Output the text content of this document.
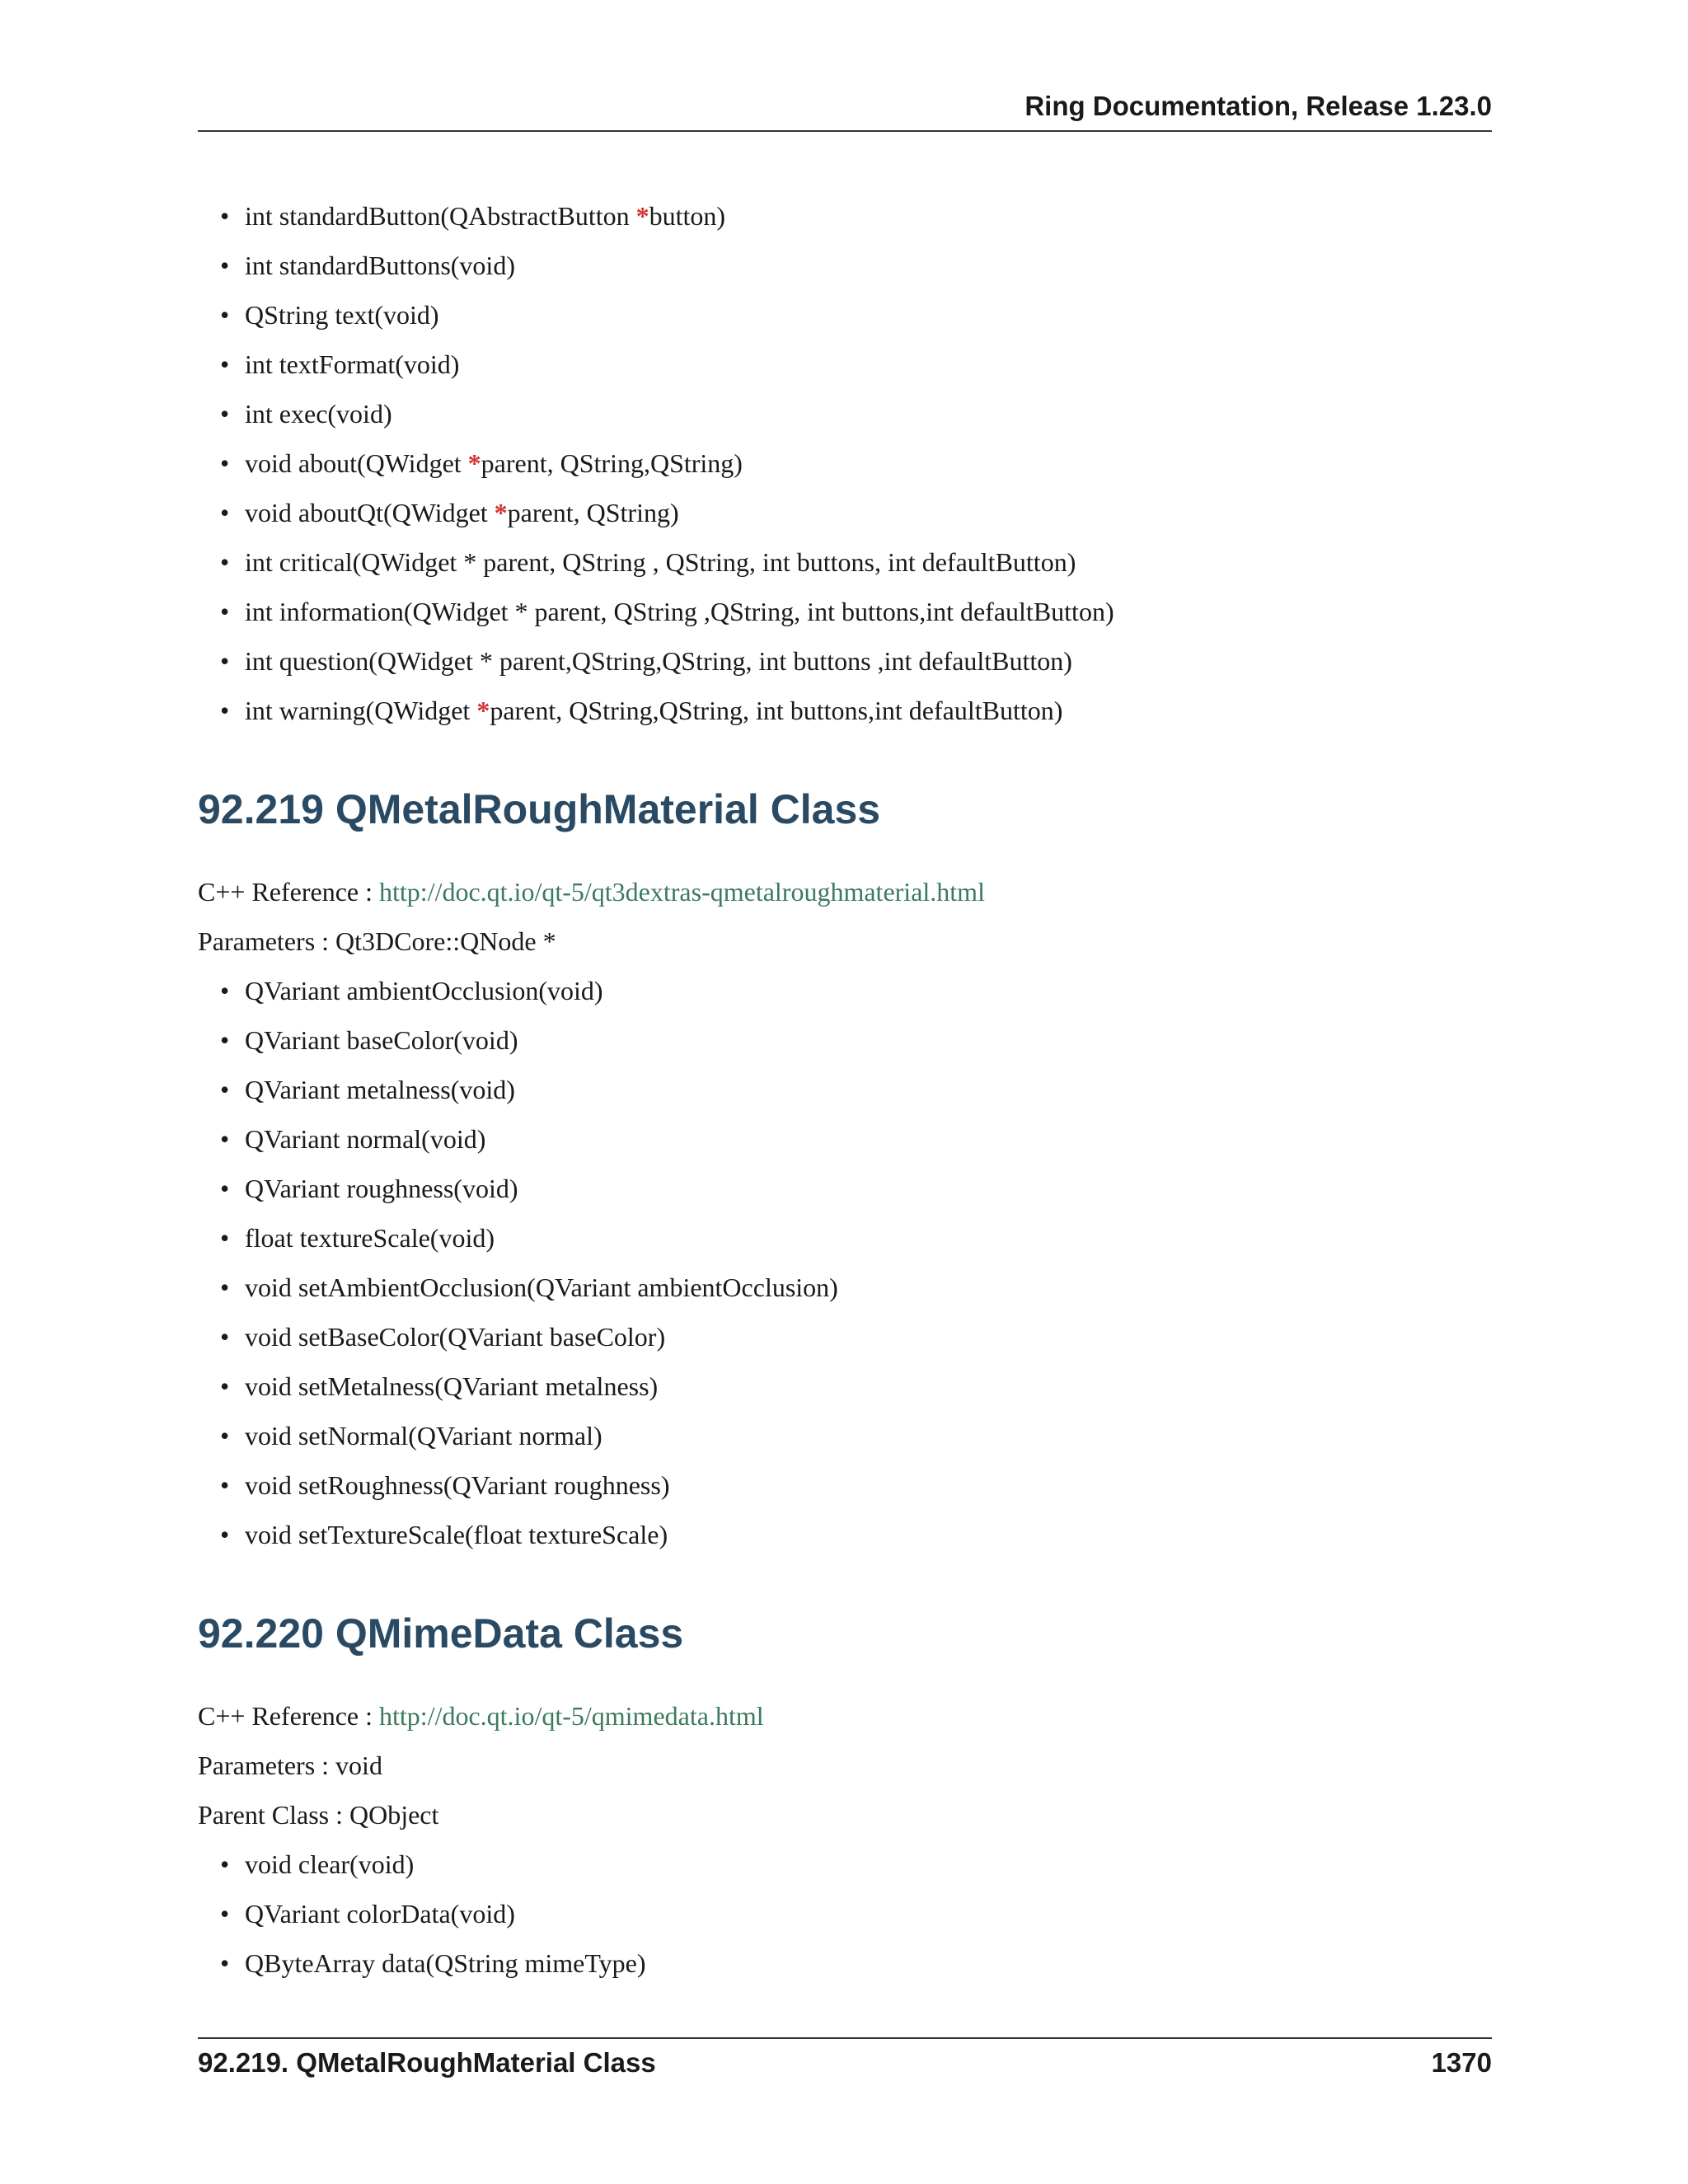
Ring Documentation, Release 1.23.0
• int standardButton(QAbstractButton *button)
• int standardButtons(void)
• QString text(void)
• int textFormat(void)
• int exec(void)
• void about(QWidget *parent, QString,QString)
• void aboutQt(QWidget *parent, QString)
• int critical(QWidget * parent, QString , QString, int buttons, int defaultButton)
• int information(QWidget * parent, QString ,QString, int buttons,int defaultButton)
• int question(QWidget * parent,QString,QString, int buttons ,int defaultButton)
• int warning(QWidget *parent, QString,QString, int buttons,int defaultButton)
92.219 QMetalRoughMaterial Class

C++ Reference : http://doc.qt.io/qt-5/qt3dextras-qmetalroughmaterial.html

Parameters : Qt3DCore::QNode *

• QVariant ambientOcclusion(void)
• QVariant baseColor(void)
• QVariant metalness(void)
• QVariant normal(void)
• QVariant roughness(void)
• float textureScale(void)
• void setAmbientOcclusion(QVariant ambientOcclusion)
• void setBaseColor(QVariant baseColor)
• void setMetalness(QVariant metalness)
• void setNormal(QVariant normal)
• void setRoughness(QVariant roughness)
• void setTextureScale(float textureScale)
92.220 QMimeData Class

C++ Reference : http://doc.qt.io/qt-5/qmimedata.html

Parameters : void

Parent Class : QObject

• void clear(void)
• QVariant colorData(void)
• QByteArray data(QString mimeType)
92.219. QMetalRoughMaterial Class	1370
